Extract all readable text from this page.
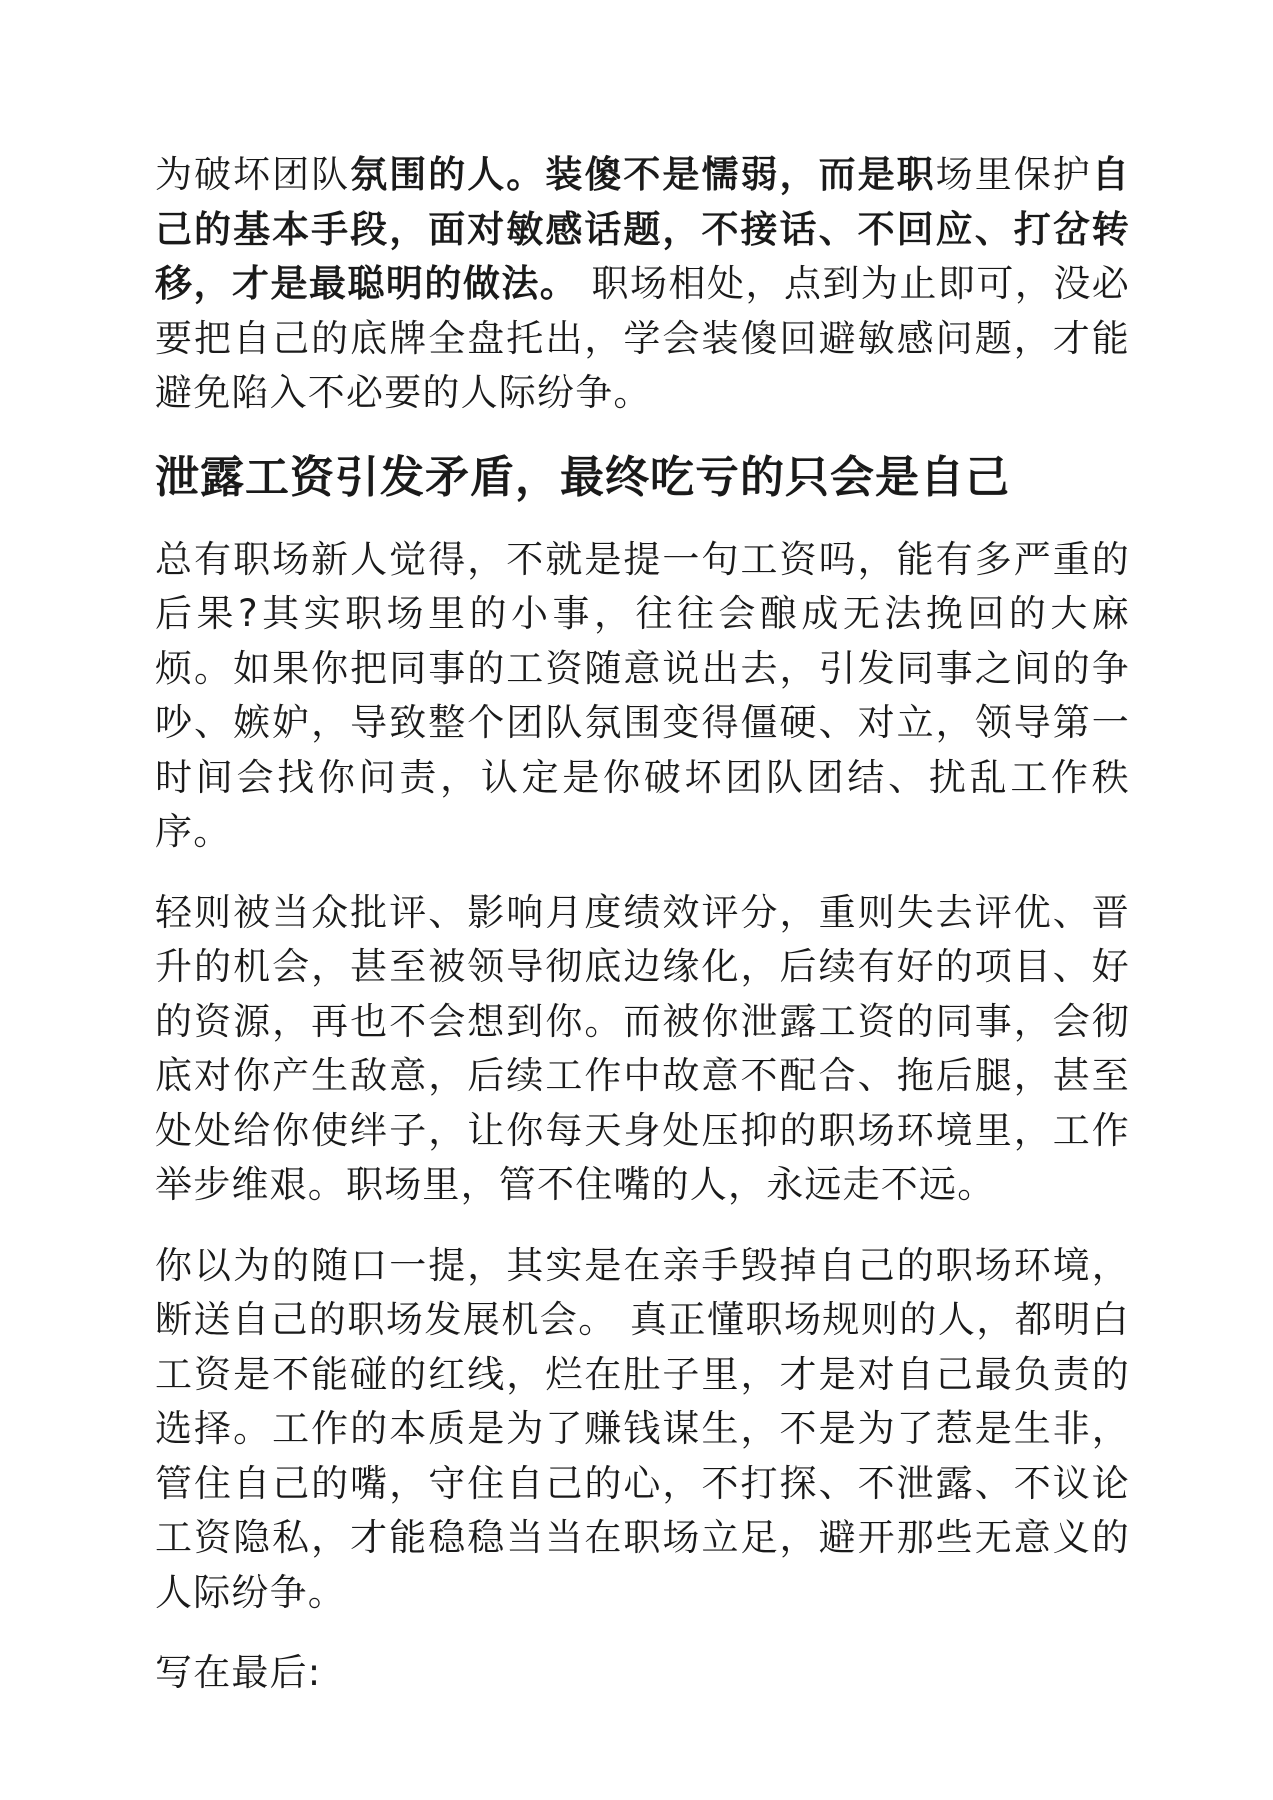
为破坏团队氛围的人。装傻不是懦弱，而是职场里保护自己的基本手段，面对敏感话题，不接话、不回应、打岔转移，才是最聪明的做法。 职场相处，点到为止即可，没必要把自己的底牌全盘托出，学会装傻回避敏感问题，才能避免陷入不必要的人际纷争。

泄露工资引发矛盾，最终吃亏的只会是自己

总有职场新人觉得，不就是提一句工资吗，能有多严重的后果?其实职场里的小事，往往会酿成无法挽回的大麻烦。如果你把同事的工资随意说出去，引发同事之间的争吵、嫉妒，导致整个团队氛围变得僵硬、对立，领导第一时间会找你问责，认定是你破坏团队团结、扰乱工作秩序。

轻则被当众批评、影响月度绩效评分，重则失去评优、晋升的机会，甚至被领导彻底边缘化，后续有好的项目、好的资源，再也不会想到你。而被你泄露工资的同事，会彻底对你产生敌意，后续工作中故意不配合、拖后腿，甚至处处给你使绊子，让你每天身处压抑的职场环境里，工作举步维艰。职场里，管不住嘴的人，永远走不远。

你以为的随口一提，其实是在亲手毁掉自己的职场环境，断送自己的职场发展机会。 真正懂职场规则的人，都明白工资是不能碰的红线，烂在肚子里，才是对自己最负责的选择。工作的本质是为了赚钱谋生，不是为了惹是生非，管住自己的嘴，守住自己的心，不打探、不泄露、不议论工资隐私，才能稳稳当当在职场立足，避开那些无意义的人际纷争。

写在最后:
